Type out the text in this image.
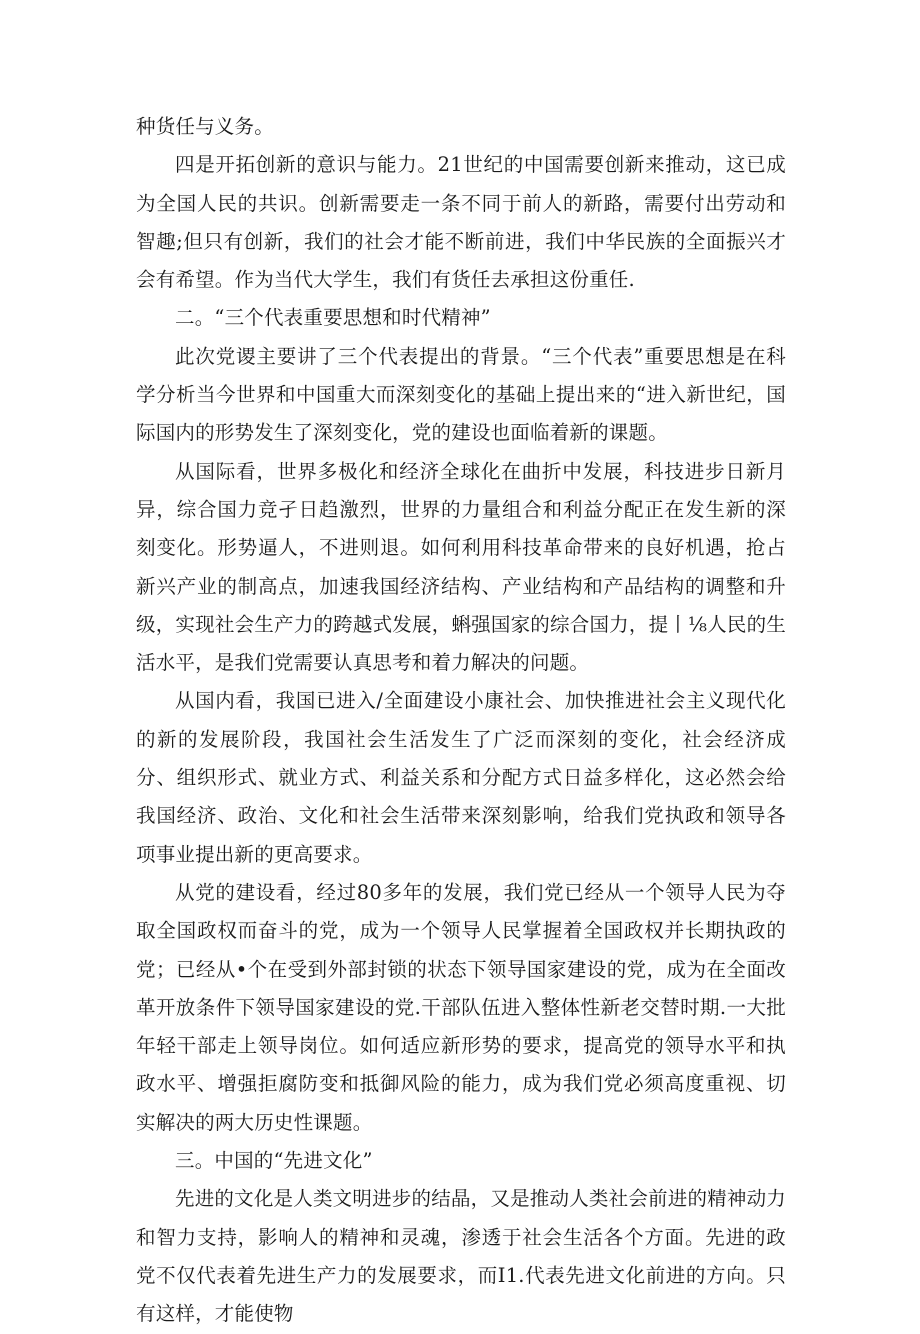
种货任与义务。

四是开拓创新的意识与能力。21世纪的中国需要创新来推动，这已成为全国人民的共识。创新需要走一条不同于前人的新路，需要付出劳动和智趣;但只有创新，我们的社会才能不断前进，我们中华民族的全面振兴才会有希望。作为当代大学生，我们有货任去承担这份重任.

二。“三个代表重要思想和时代精神”

此次党谡主要讲了三个代表提出的背景。“三个代表”重要思想是在科学分析当今世界和中国重大而深刻变化的基础上提出来的“进入新世纪，国际国内的形势发生了深刻变化，党的建设也面临着新的课题。

从国际看，世界多极化和经济全球化在曲折中发展，科技进步日新月异，综合国力竞孑日趋激烈，世界的力量组合和利益分配正在发生新的深刻变化。形势逼人，不进则退。如何利用科技革命带来的良好机遇，抢占新兴产业的制高点，加速我国经济结构、产业结构和产品结构的调整和升级，实现社会生产力的跨越式发展，蝌强国家的综合国力，提丨⅛人民的生活水平，是我们党需要认真思考和着力解决的问题。

从国内看，我国已进入/全面建设小康社会、加快推进社会主义现代化的新的发展阶段，我国社会生活发生了广泛而深刻的变化，社会经济成分、组织形式、就业方式、利益关系和分配方式日益多样化，这必然会给我国经济、政治、文化和社会生活带来深刻影响，给我们党执政和领导各项事业提出新的更高要求。

从党的建设看，经过80多年的发展，我们党已经从一个领导人民为夺取全国政权而奋斗的党，成为一个领导人民掌握着全国政权并长期执政的党；已经从•个在受到外部封锁的状态下领导国家建设的党，成为在全面改革开放条件下领导国家建设的党.干部队伍进入整体性新老交替时期.一大批年轻干部走上领导岗位。如何适应新形势的要求，提高党的领导水平和执政水平、增强拒腐防变和抵御风险的能力，成为我们党必须高度重视、切实解决的两大历史性课题。

三。中国的“先进文化”

先进的文化是人类文明进步的结晶，又是推动人类社会前进的精神动力和智力支持，影响人的精神和灵魂，渗透于社会生活各个方面。先进的政党不仅代表着先进生产力的发展要求，而I1.代表先进文化前进的方向。只有这样，才能使物
